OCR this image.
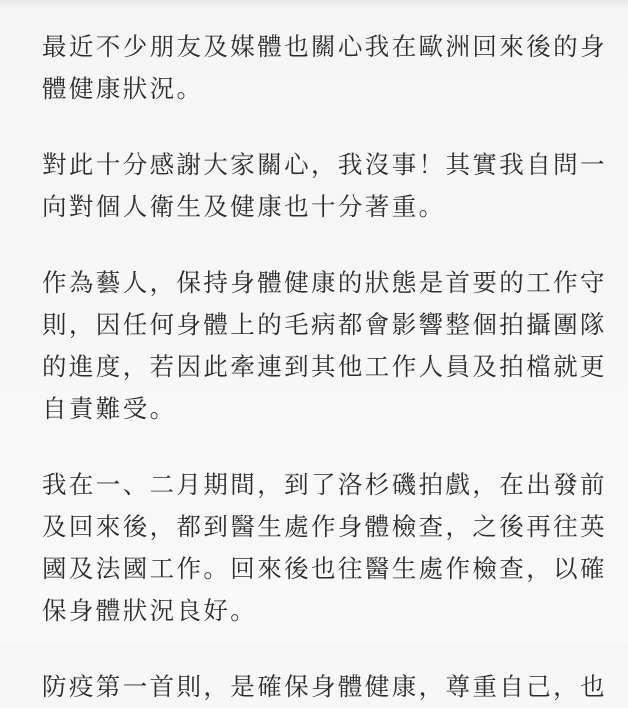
最近不少朋友及媒體也關心我在歐洲回來後的身
體健康狀況。

對此十分感謝大家關心，我沒事！其實我自問一
向對個人衛生及健康也十分著重。

作為藝人，保持身體健康的狀態是首要的工作守
則，因任何身體上的毛病都會影響整個拍攝團隊
的進度，若因此牽連到其他工作人員及拍檔就更
自責難受。

我在一、二月期間，到了洛杉磯拍戲，在出發前
及回來後，都到醫生處作身體檢查，之後再往英
國及法國工作。回來後也往醫生處作檢查，以確
保身體狀況良好。

防疫第一首則，是確保身體健康，尊重自己，也
